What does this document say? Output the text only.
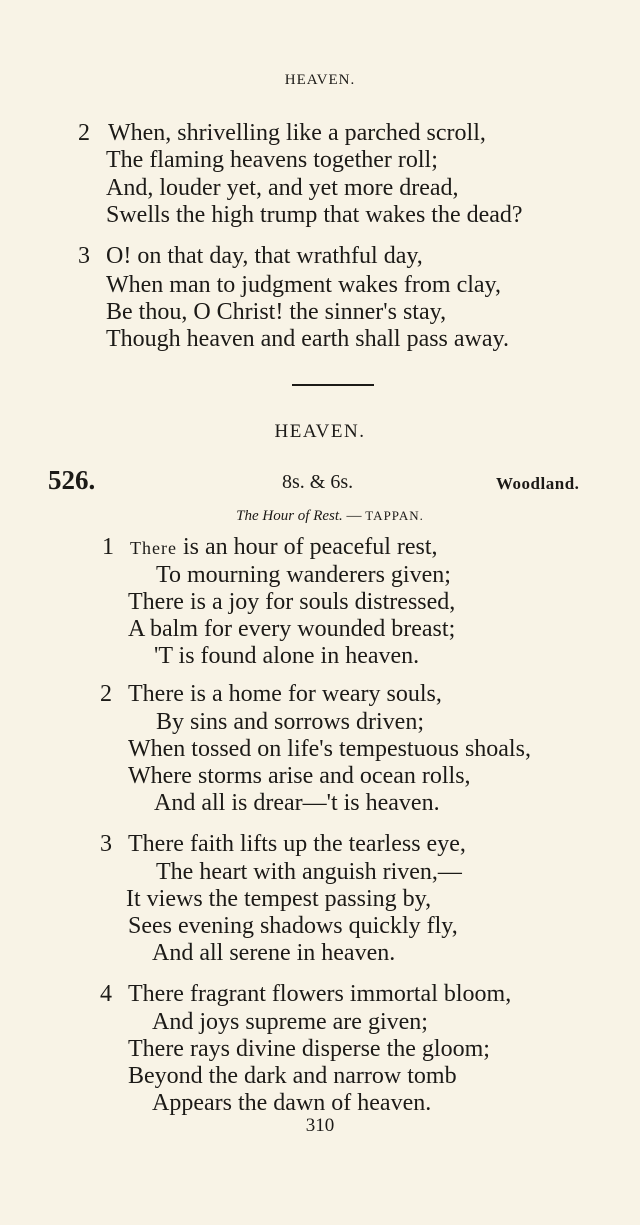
HEAVEN.
2 When, shrivelling like a parched scroll,
The flaming heavens together roll;
And, louder yet, and yet more dread,
Swells the high trump that wakes the dead?
3 O! on that day, that wrathful day,
When man to judgment wakes from clay,
Be thou, O Christ! the sinner's stay,
Though heaven and earth shall pass away.
HEAVEN.
526.	8s. & 6s.	Woodland.
The Hour of Rest. — TAPPAN.
1 There is an hour of peaceful rest,
To mourning wanderers given;
There is a joy for souls distressed,
A balm for every wounded breast;
'T is found alone in heaven.
2 There is a home for weary souls,
By sins and sorrows driven;
When tossed on life's tempestuous shoals,
Where storms arise and ocean rolls,
And all is drear—'t is heaven.
3 There faith lifts up the tearless eye,
The heart with anguish riven,—
It views the tempest passing by,
Sees evening shadows quickly fly,
And all serene in heaven.
4 There fragrant flowers immortal bloom,
And joys supreme are given;
There rays divine disperse the gloom;
Beyond the dark and narrow tomb
Appears the dawn of heaven.
310
